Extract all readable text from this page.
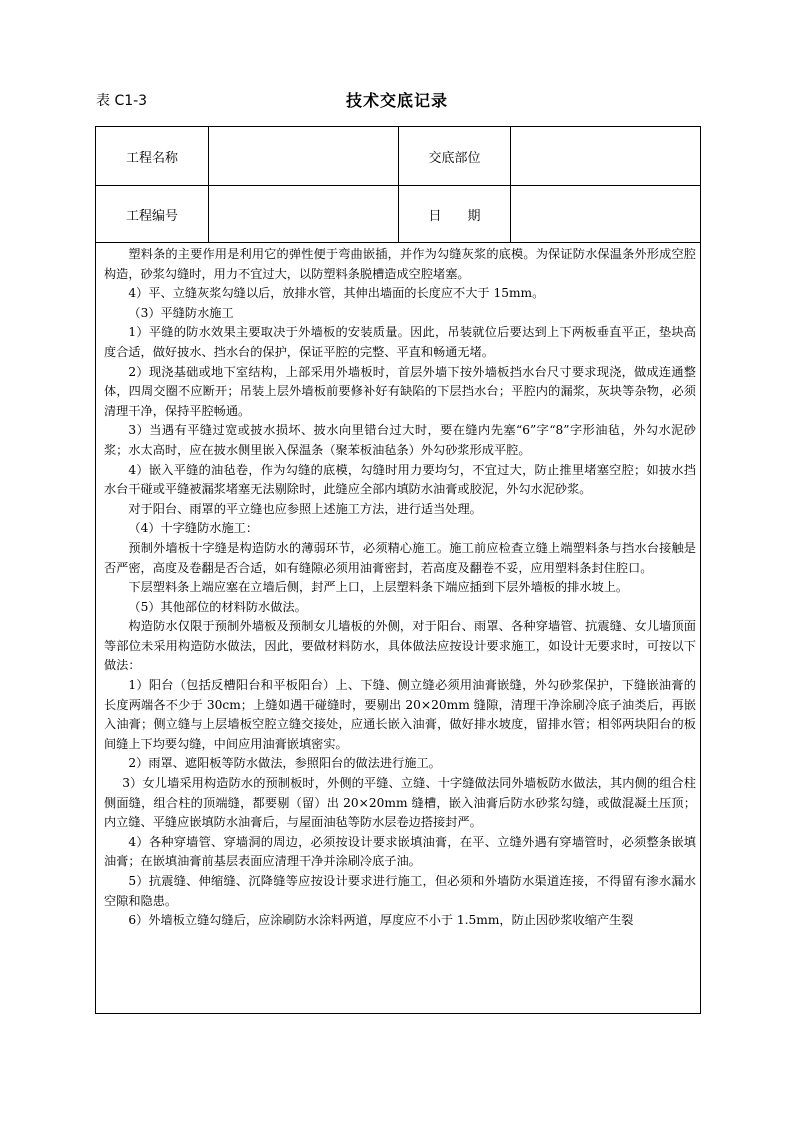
表 C1-3	技术交底记录
工程名称	交底部位
工程编号	日　　期

塑料条的主要作用是利用它的弹性便于弯曲嵌插，并作为勾缝灰浆的底模。为保证防水保温条外形成空腔构造，砂浆勾缝时，用力不宜过大，以防塑料条脱槽造成空腔堵塞。

4）平、立缝灰浆勾缝以后，放排水管，其伸出墙面的长度应不大于 15mm。

（3）平缝防水施工

1）平缝的防水效果主要取决于外墙板的安装质量。因此，吊装就位后要达到上下两板垂直平正，垫块高度合适，做好披水、挡水台的保护，保证平腔的完整、平直和畅通无堵。

2）现浇基础或地下室结构，上部采用外墙板时，首层外墙下按外墙板挡水台尺寸要求现浇，做成连通整体，四周交圈不应断开；吊装上层外墙板前要修补好有缺陷的下层挡水台；平腔内的漏浆，灰块等杂物，必须清理干净，保持平腔畅通。

3）当遇有平缝过宽或披水损坏、披水向里错台过大时，要在缝内先塞“6”字“8”字形油毡，外勾水泥砂浆；水太高时，应在披水侧里嵌入保温条（聚苯板油毡条）外勾砂浆形成平腔。

4）嵌入平缝的油毡卷，作为勾缝的底模，勾缝时用力要均匀，不宜过大，防止推里堵塞空腔；如披水挡水台干碰或平缝被漏浆堵塞无法剔除时，此缝应全部内填防水油膏或胶泥，外勾水泥砂浆。

对于阳台、雨罩的平立缝也应参照上述施工方法，进行适当处理。

（4）十字缝防水施工：

预制外墙板十字缝是构造防水的薄弱环节，必须精心施工。施工前应检查立缝上端塑料条与挡水台接触是否严密，高度及卷翻是否合适，如有缝隙必须用油膏密封，若高度及翻卷不妥，应用塑料条封住腔口。

下层塑料条上端应塞在立墙后侧，封严上口，上层塑料条下端应插到下层外墙板的排水坡上。

（5）其他部位的材料防水做法。

构造防水仅限于预制外墙板及预制女儿墙板的外侧，对于阳台、雨罩、各种穿墙管、抗震缝、女儿墙顶面等部位未采用构造防水做法，因此，要做材料防水，具体做法应按设计要求施工，如设计无要求时，可按以下做法：

1）阳台（包括反槽阳台和平板阳台）上、下缝、侧立缝必须用油膏嵌缝，外勾砂浆保护，下缝嵌油膏的长度两端各不少于 30cm；上缝如遇干碰缝时，要剔出 20×20mm 缝隙，清理干净涂刷冷底子油类后，再嵌入油膏；侧立缝与上层墙板空腔立缝交接处，应通长嵌入油膏，做好排水坡度，留排水管；相邻两块阳台的板间缝上下均要勾缝，中间应用油膏嵌填密实。

2）雨罩、遮阳板等防水做法，参照阳台的做法进行施工。

3）女儿墙采用构造防水的预制板时，外侧的平缝、立缝、十字缝做法同外墙板防水做法，其内侧的组合柱侧面缝，组合柱的顶端缝，都要剔（留）出 20×20mm 缝槽，嵌入油膏后防水砂浆勾缝，或做混凝土压顶；内立缝、平缝应嵌填防水油膏后，与屋面油毡等防水层卷边搭接封严。

4）各种穿墙管、穿墙洞的周边，必须按设计要求嵌填油膏，在平、立缝外遇有穿墙管时，必须整条嵌填油膏；在嵌填油膏前基层表面应清理干净并涂刷冷底子油。

5）抗震缝、伸缩缝、沉降缝等应按设计要求进行施工，但必须和外墙防水渠道连接，不得留有渗水漏水空隙和隐患。

6）外墙板立缝勾缝后，应涂刷防水涂料两道，厚度应不小于 1.5mm，防止因砂浆收缩产生裂
